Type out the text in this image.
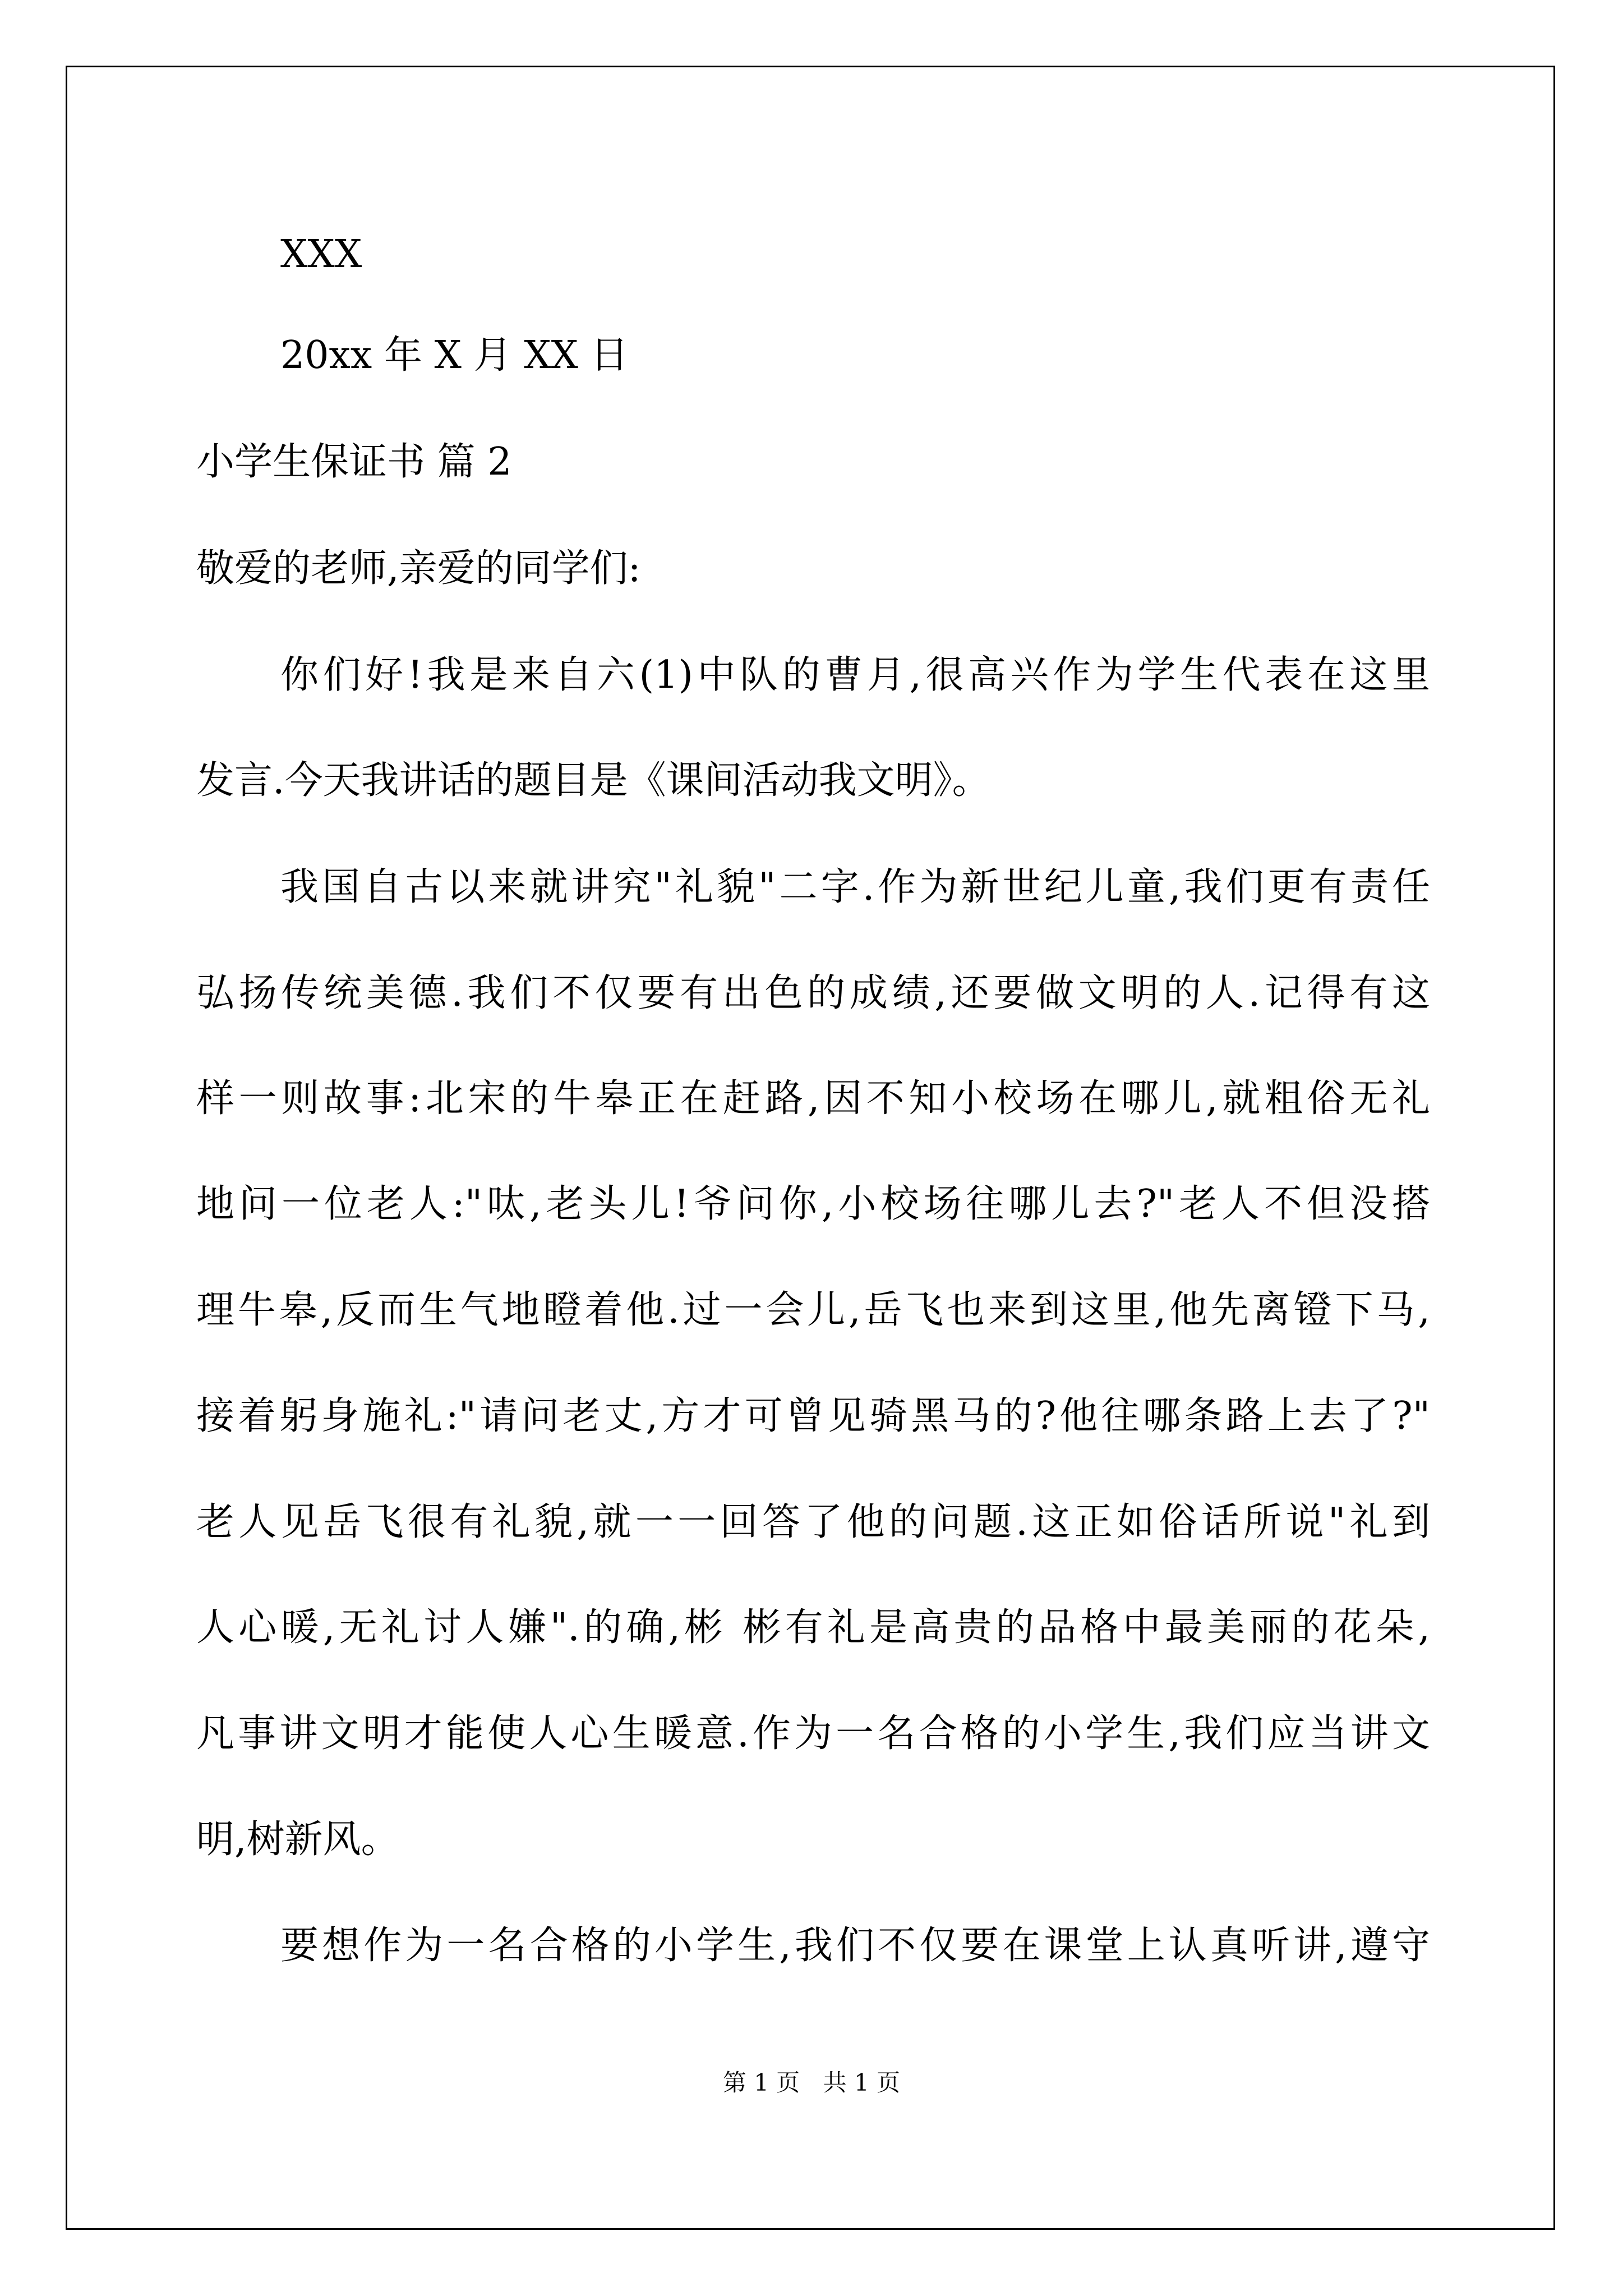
XXX
20xx 年 X 月 XX 日
小学生保证书 篇 2
敬爱的老师,亲爱的同学们:
你们好!我是来自六(1)中队的曹月,很高兴作为学生代表在这里
发言.今天我讲话的题目是《课间活动我文明》。
我国自古以来就讲究"礼貌"二字.作为新世纪儿童,我们更有责任
弘扬传统美德.我们不仅要有出色的成绩,还要做文明的人.记得有这
样一则故事:北宋的牛皋正在赶路,因不知小校场在哪儿,就粗俗无礼
地问一位老人:"呔,老头儿!爷问你,小校场往哪儿去?"老人不但没搭
理牛皋,反而生气地瞪着他.过一会儿,岳飞也来到这里,他先离镫下马,
接着躬身施礼:"请问老丈,方才可曾见骑黑马的?他往哪条路上去了?"
老人见岳飞很有礼貌,就一一回答了他的问题.这正如俗话所说"礼到
人心暖,无礼讨人嫌".的确,彬 彬有礼是高贵的品格中最美丽的花朵,
凡事讲文明才能使人心生暖意.作为一名合格的小学生,我们应当讲文
明,树新风。
要想作为一名合格的小学生,我们不仅要在课堂上认真听讲,遵守
第 1 页 共 1 页
